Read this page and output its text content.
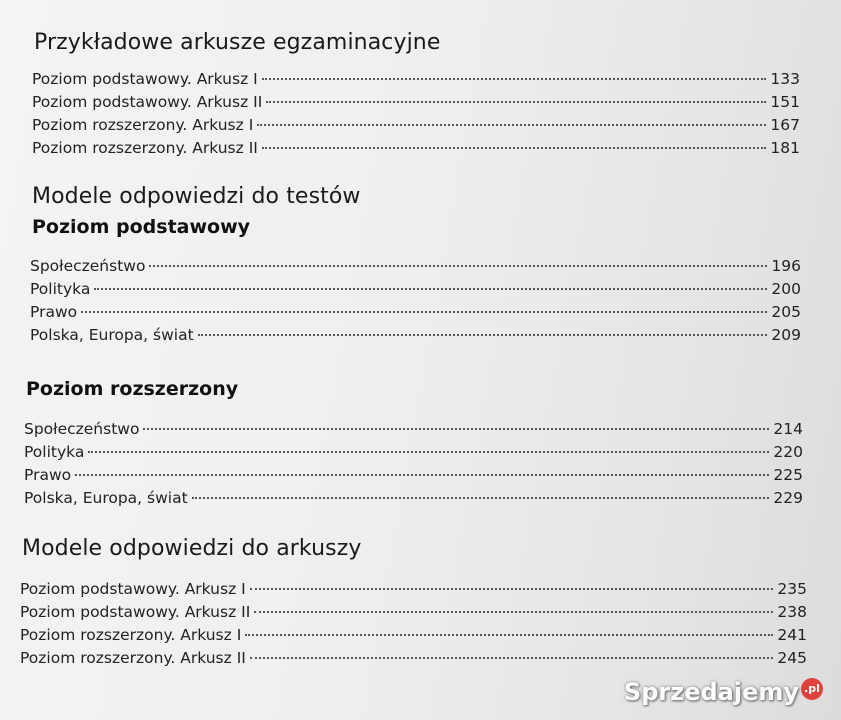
Przykładowe arkusze egzaminacyjne
Poziom podstawowy. Arkusz I	133
Poziom podstawowy. Arkusz II	151
Poziom rozszerzony. Arkusz I	167
Poziom rozszerzony. Arkusz II	181
Modele odpowiedzi do testów
Poziom podstawowy
Społeczeństwo	196
Polityka	200
Prawo	205
Polska, Europa, świat	209
Poziom rozszerzony
Społeczeństwo	214
Polityka	220
Prawo	225
Polska, Europa, świat	229
Modele odpowiedzi do arkuszy
Poziom podstawowy. Arkusz I	235
Poziom podstawowy. Arkusz II	238
Poziom rozszerzony. Arkusz I	241
Poziom rozszerzony. Arkusz II	245
Sprzedajemy .pl
